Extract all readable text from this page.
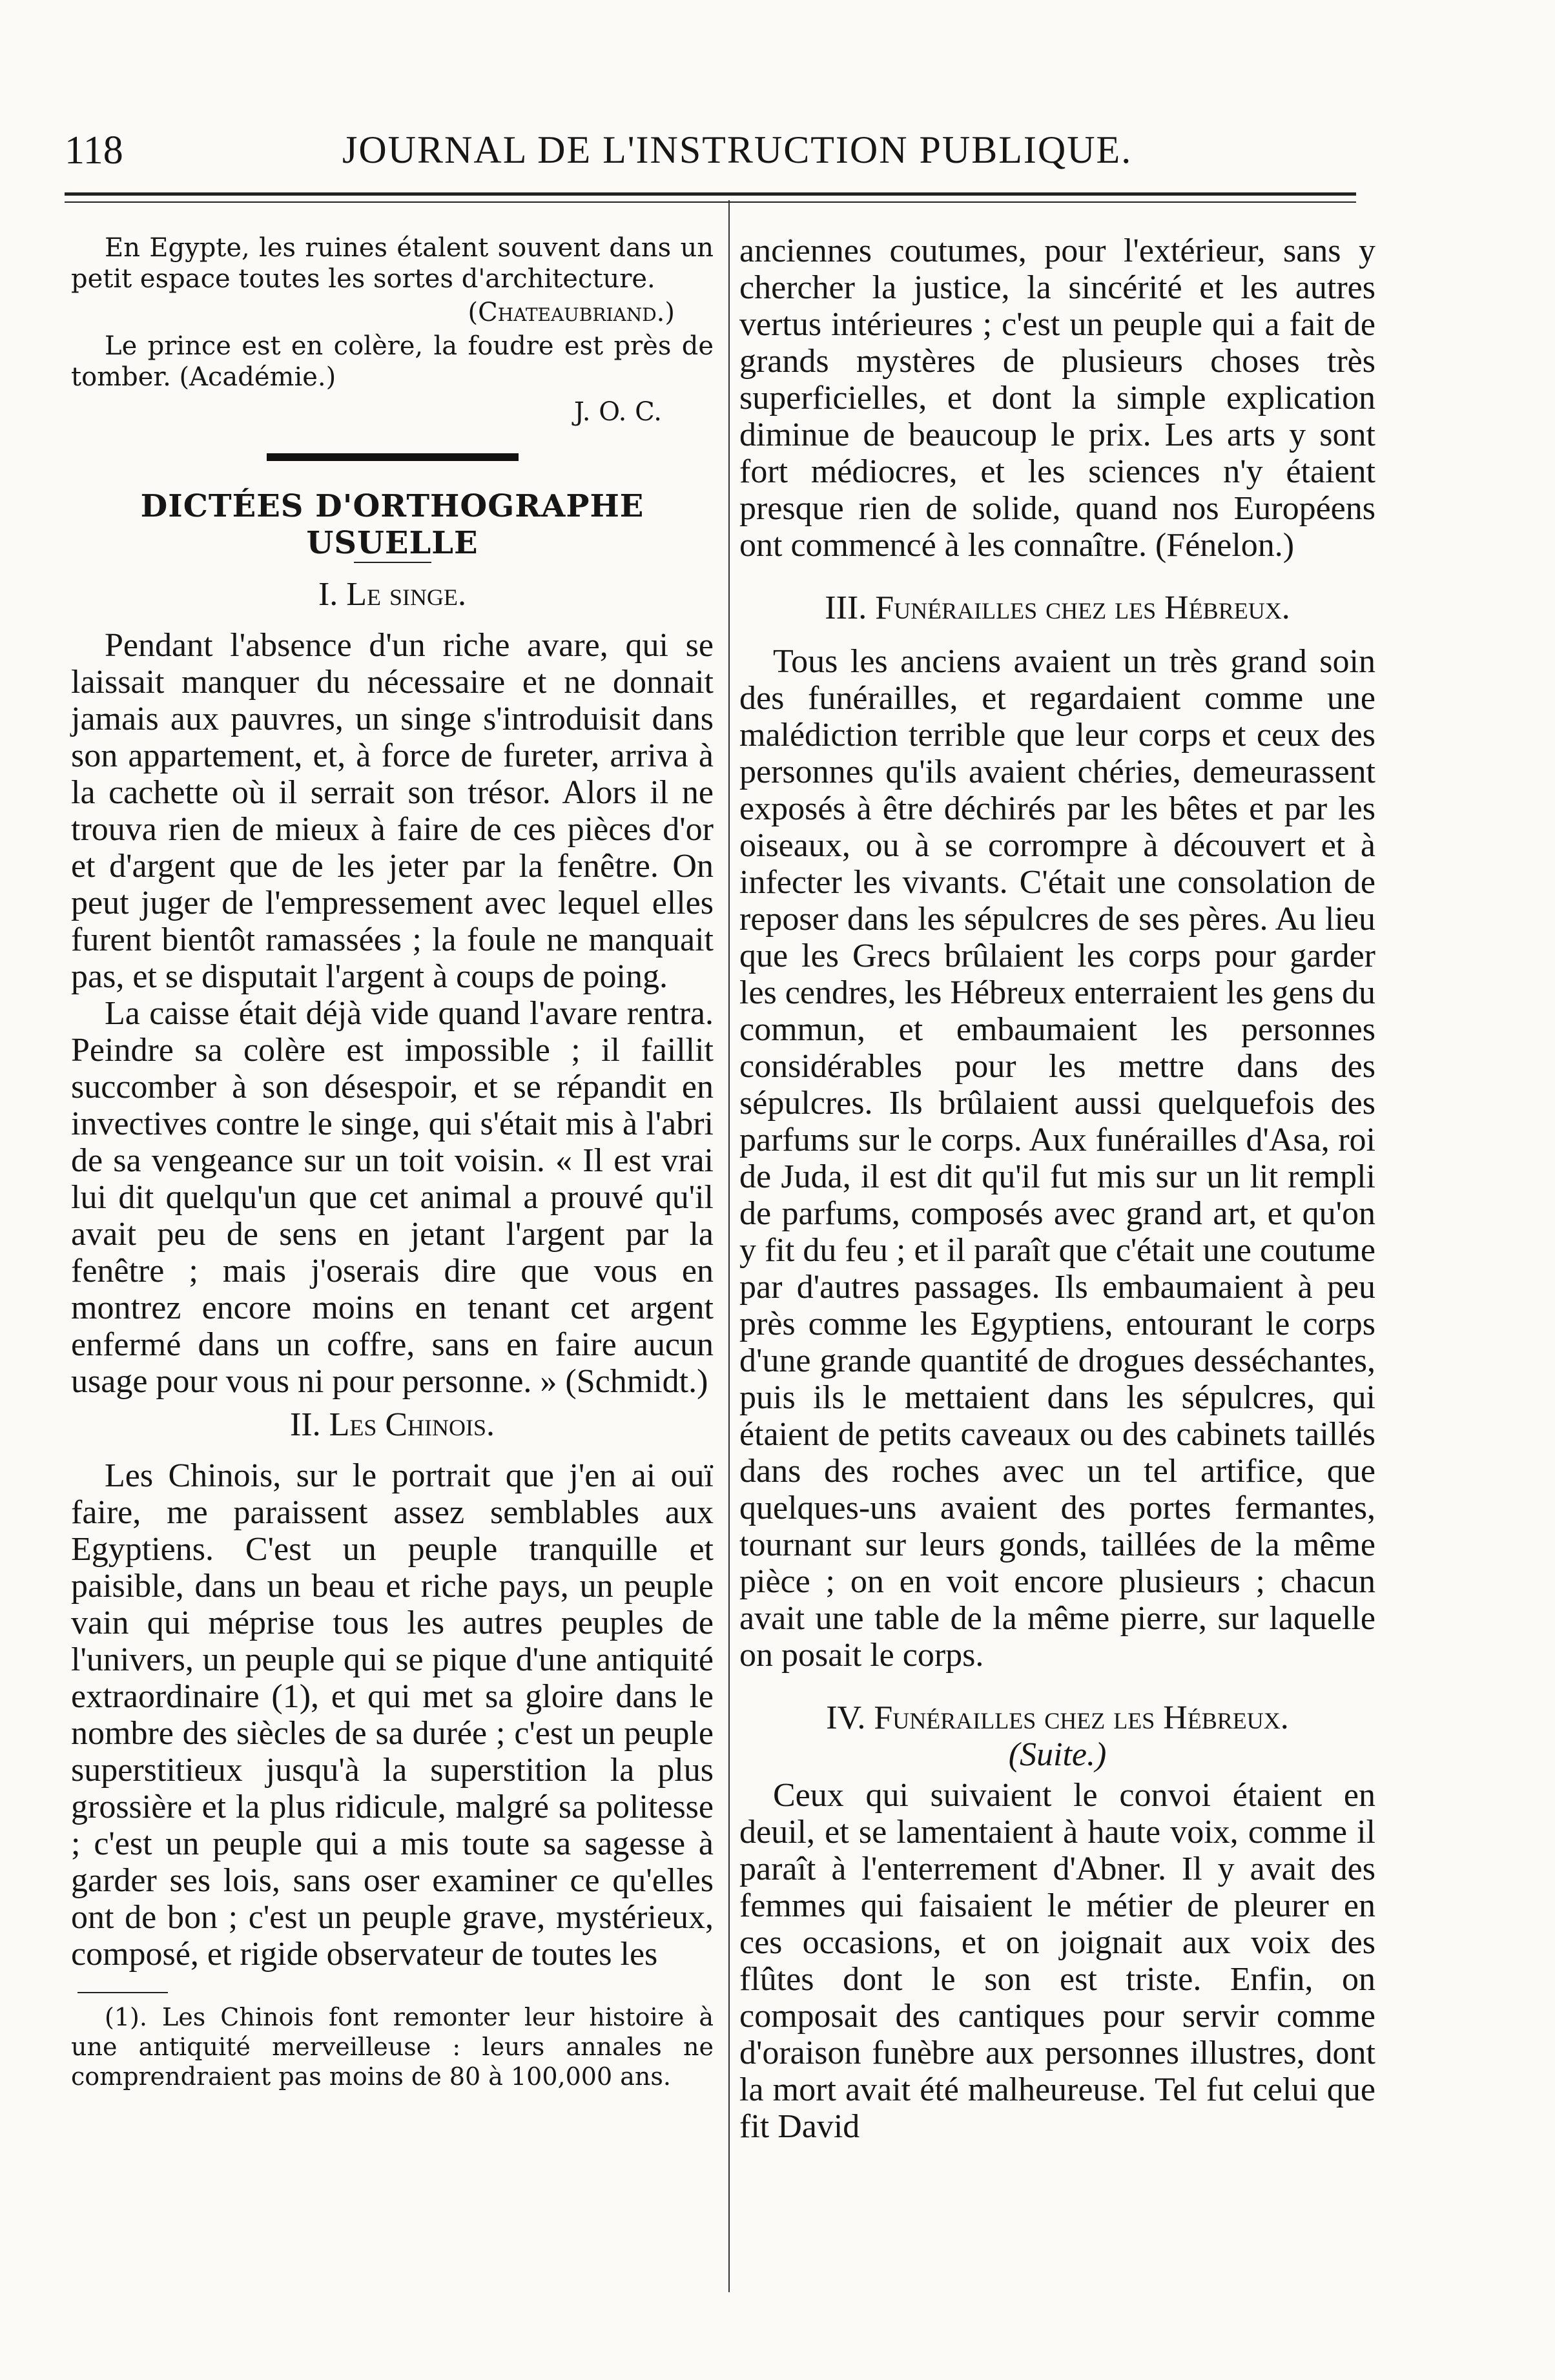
118	JOURNAL DE L'INSTRUCTION PUBLIQUE.

En Egypte, les ruines étalent souvent dans un petit espace toutes les sortes d'architecture.

(Chateaubriand.)

Le prince est en colère, la foudre est près de tomber. (Académie.)

J. O. C.

DICTÉES D'ORTHOGRAPHE USUELLE

I. Le singe.

Pendant l'absence d'un riche avare, qui se laissait manquer du nécessaire et ne donnait jamais aux pauvres, un singe s'introduisit dans son appartement, et, à force de fureter, arriva à la cachette où il serrait son trésor. Alors il ne trouva rien de mieux à faire de ces pièces d'or et d'argent que de les jeter par la fenêtre. On peut juger de l'empressement avec lequel elles furent bientôt ramassées ; la foule ne manquait pas, et se disputait l'argent à coups de poing.

La caisse était déjà vide quand l'avare rentra. Peindre sa colère est impossible ; il faillit succomber à son désespoir, et se répandit en invectives contre le singe, qui s'était mis à l'abri de sa vengeance sur un toit voisin. « Il est vrai lui dit quelqu'un que cet animal a prouvé qu'il avait peu de sens en jetant l'argent par la fenêtre ; mais j'oserais dire que vous en montrez encore moins en tenant cet argent enfermé dans un coffre, sans en faire aucun usage pour vous ni pour personne. » (Schmidt.)

II. Les Chinois.

Les Chinois, sur le portrait que j'en ai ouï faire, me paraissent assez semblables aux Egyptiens. C'est un peuple tranquille et paisible, dans un beau et riche pays, un peuple vain qui méprise tous les autres peuples de l'univers, un peuple qui se pique d'une antiquité extraordinaire (1), et qui met sa gloire dans le nombre des siècles de sa durée ; c'est un peuple superstitieux jusqu'à la superstition la plus grossière et la plus ridicule, malgré sa politesse ; c'est un peuple qui a mis toute sa sagesse à garder ses lois, sans oser examiner ce qu'elles ont de bon ; c'est un peuple grave, mystérieux, composé, et rigide observateur de toutes les

(1). Les Chinois font remonter leur histoire à une antiquité merveilleuse : leurs annales ne comprendraient pas moins de 80 à 100,000 ans.

anciennes coutumes, pour l'extérieur, sans y chercher la justice, la sincérité et les autres vertus intérieures ; c'est un peuple qui a fait de grands mystères de plusieurs choses très superficielles, et dont la simple explication diminue de beaucoup le prix. Les arts y sont fort médiocres, et les sciences n'y étaient presque rien de solide, quand nos Européens ont commencé à les connaître. (Fénelon.)

III. Funérailles chez les Hébreux.

Tous les anciens avaient un très grand soin des funérailles, et regardaient comme une malédiction terrible que leur corps et ceux des personnes qu'ils avaient chéries, demeurassent exposés à être déchirés par les bêtes et par les oiseaux, ou à se corrompre à découvert et à infecter les vivants. C'était une consolation de reposer dans les sépulcres de ses pères. Au lieu que les Grecs brûlaient les corps pour garder les cendres, les Hébreux enterraient les gens du commun, et embaumaient les personnes considérables pour les mettre dans des sépulcres. Ils brûlaient aussi quelquefois des parfums sur le corps. Aux funérailles d'Asa, roi de Juda, il est dit qu'il fut mis sur un lit rempli de parfums, composés avec grand art, et qu'on y fit du feu ; et il paraît que c'était une coutume par d'autres passages. Ils embaumaient à peu près comme les Egyptiens, entourant le corps d'une grande quantité de drogues desséchantes, puis ils le mettaient dans les sépulcres, qui étaient de petits caveaux ou des cabinets taillés dans des roches avec un tel artifice, que quelques-uns avaient des portes fermantes, tournant sur leurs gonds, taillées de la même pièce ; on en voit encore plusieurs ; chacun avait une table de la même pierre, sur laquelle on posait le corps.

IV. Funérailles chez les Hébreux.

(Suite.)

Ceux qui suivaient le convoi étaient en deuil, et se lamentaient à haute voix, comme il paraît à l'enterrement d'Abner. Il y avait des femmes qui faisaient le métier de pleurer en ces occasions, et on joignait aux voix des flûtes dont le son est triste. Enfin, on composait des cantiques pour servir comme d'oraison funèbre aux personnes illustres, dont la mort avait été malheureuse. Tel fut celui que fit David
